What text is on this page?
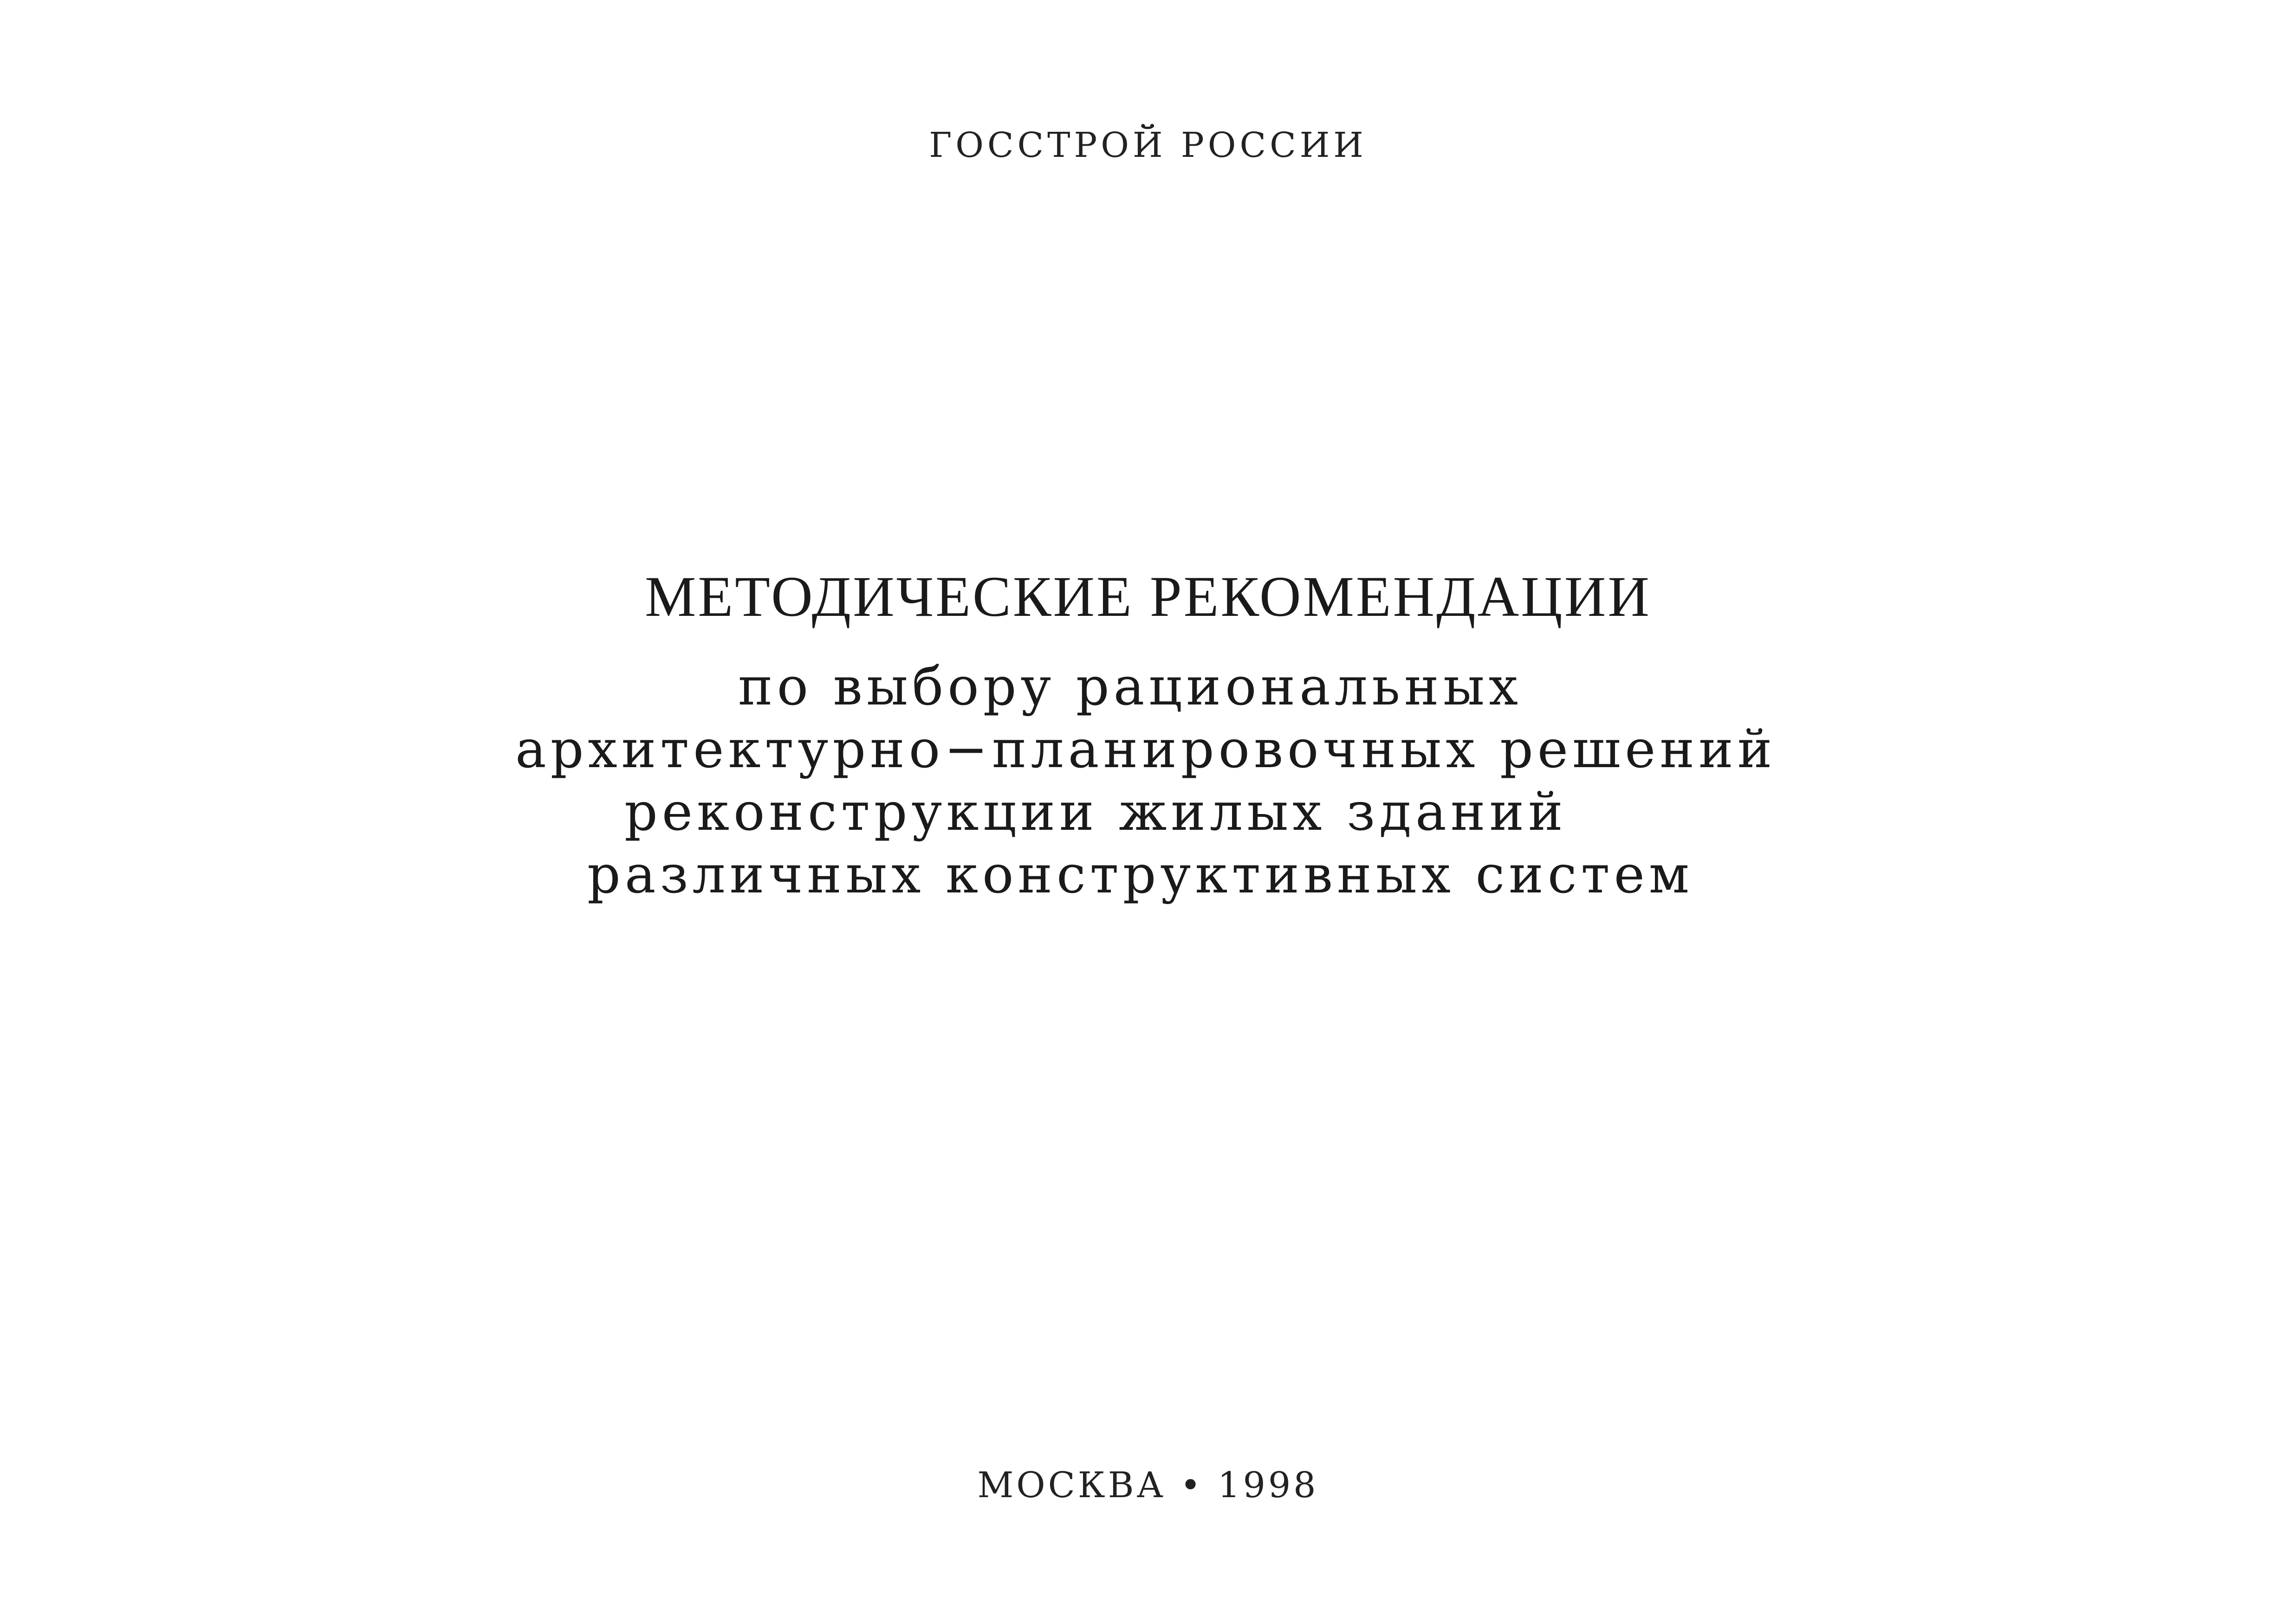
ГОССТРОЙ РОССИИ
МЕТОДИЧЕСКИЕ РЕКОМЕНДАЦИИ
по выбору рациональных
архитектурно−планировочных решений
реконструкции жилых зданий
различных конструктивных систем
МОСКВА • 1998
